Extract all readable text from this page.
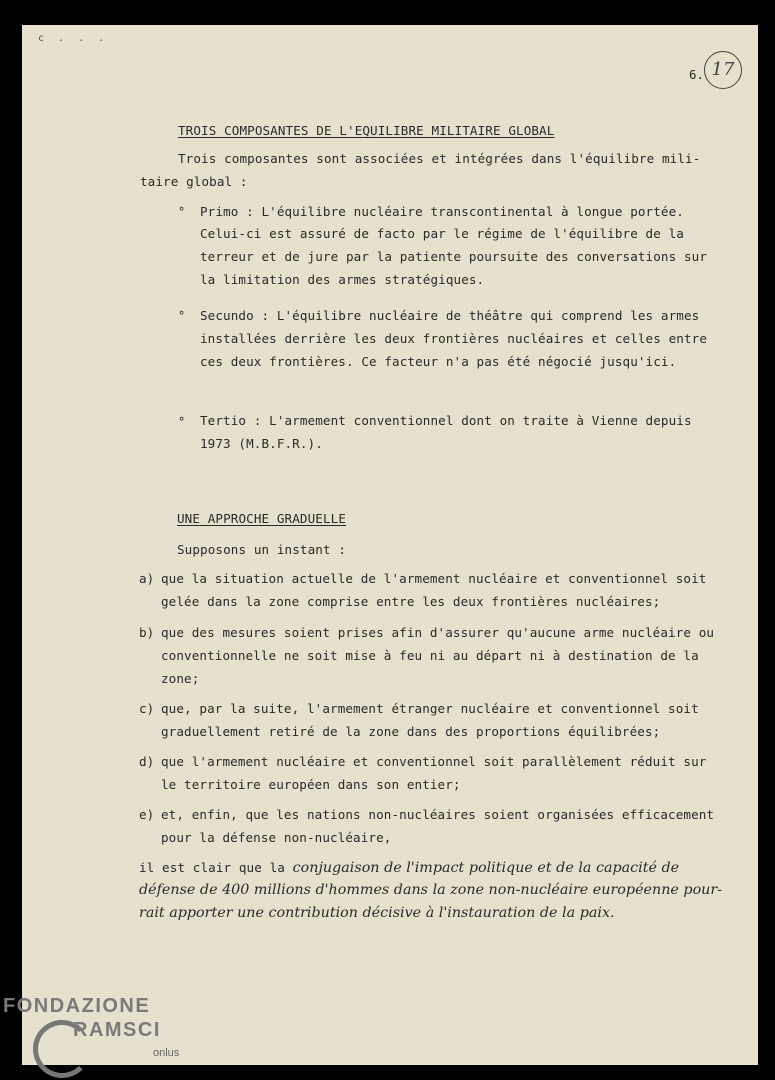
c . . .
6. 17
TROIS COMPOSANTES DE L'EQUILIBRE MILITAIRE GLOBAL
Trois composantes sont associées et intégrées dans l'équilibre mili-
taire global :
° Primo : L'équilibre nucléaire transcontinental à longue portée.
Celui-ci est assuré de facto par le régime de l'équilibre de la
terreur et de jure par la patiente poursuite des conversations sur
la limitation des armes stratégiques.
° Secundo : L'équilibre nucléaire de théâtre qui comprend les armes
installées derrière les deux frontières nucléaires et celles entre
ces deux frontières. Ce facteur n'a pas été négocié jusqu'ici.
° Tertio : L'armement conventionnel dont on traite à Vienne depuis
1973 (M.B.F.R.).
UNE APPROCHE GRADUELLE
Supposons un instant :
a) que la situation actuelle de l'armement nucléaire et conventionnel soit
gelée dans la zone comprise entre les deux frontières nucléaires;
b) que des mesures soient prises afin d'assurer qu'aucune arme nucléaire ou
conventionnelle ne soit mise à feu ni au départ ni à destination de la
zone;
c) que, par la suite, l'armement étranger nucléaire et conventionnel soit
graduellement retiré de la zone dans des proportions équilibrées;
d) que l'armement nucléaire et conventionnel soit parallèlement réduit sur
le territoire européen dans son entier;
e) et, enfin, que les nations non-nucléaires soient organisées efficacement
pour la défense non-nucléaire,
il est clair que la conjugaison de l'impact politique et de la capacité de
défense de 400 millions d'hommes dans la zone non-nucléaire européenne pour-
rait apporter une contribution décisive à l'instauration de la paix.
FONDAZIONE
RAMSCI
onlus
